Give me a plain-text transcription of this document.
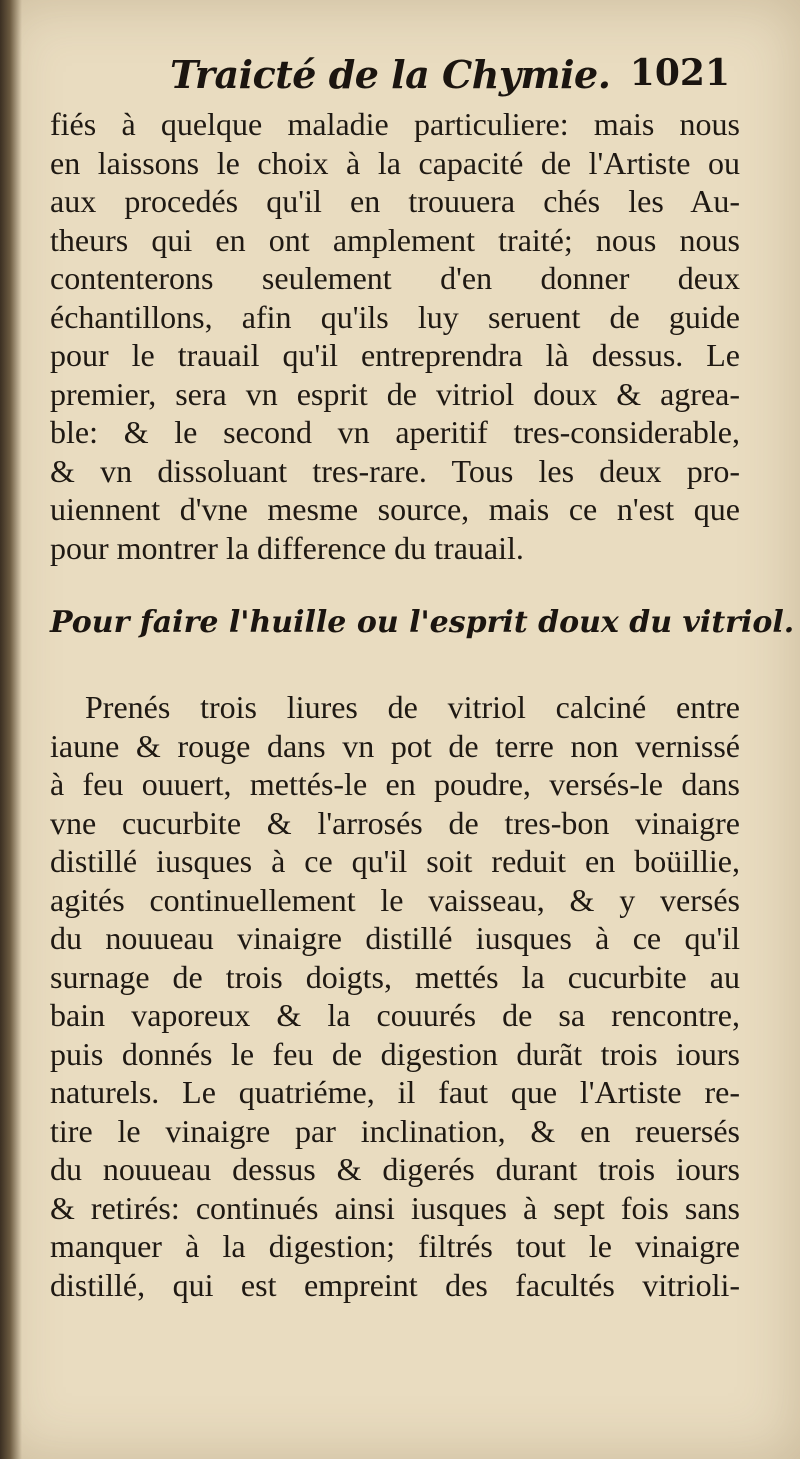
Traicté de la Chymie. 1021
fiés à quelque maladie particuliere: mais nous
en laissons le choix à la capacité de l'Artiste ou
aux procedés qu'il en trouuera chés les Au-
theurs qui en ont amplement traité; nous nous
contenterons seulement d'en donner deux
échantillons, afin qu'ils luy seruent de guide
pour le trauail qu'il entreprendra là dessus. Le
premier, sera vn esprit de vitriol doux & agrea-
ble: & le second vn aperitif tres-considerable,
& vn dissoluant tres-rare. Tous les deux pro-
uiennent d'vne mesme source, mais ce n'est que
pour montrer la difference du trauail.
Pour faire l'huille ou l'esprit doux du vitriol.
Prenés trois liures de vitriol calciné entre
iaune & rouge dans vn pot de terre non vernissé
à feu ouuert, mettés-le en poudre, versés-le dans
vne cucurbite & l'arrosés de tres-bon vinaigre
distillé iusques à ce qu'il soit reduit en boüillie,
agités continuellement le vaisseau, & y versés
du nouueau vinaigre distillé iusques à ce qu'il
surnage de trois doigts, mettés la cucurbite au
bain vaporeux & la couurés de sa rencontre,
puis donnés le feu de digestion durãt trois iours
naturels. Le quatriéme, il faut que l'Artiste re-
tire le vinaigre par inclination, & en reuersés
du nouueau dessus & digerés durant trois iours
& retirés: continués ainsi iusques à sept fois sans
manquer à la digestion; filtrés tout le vinaigre
distillé, qui est empreint des facultés vitrioli-
